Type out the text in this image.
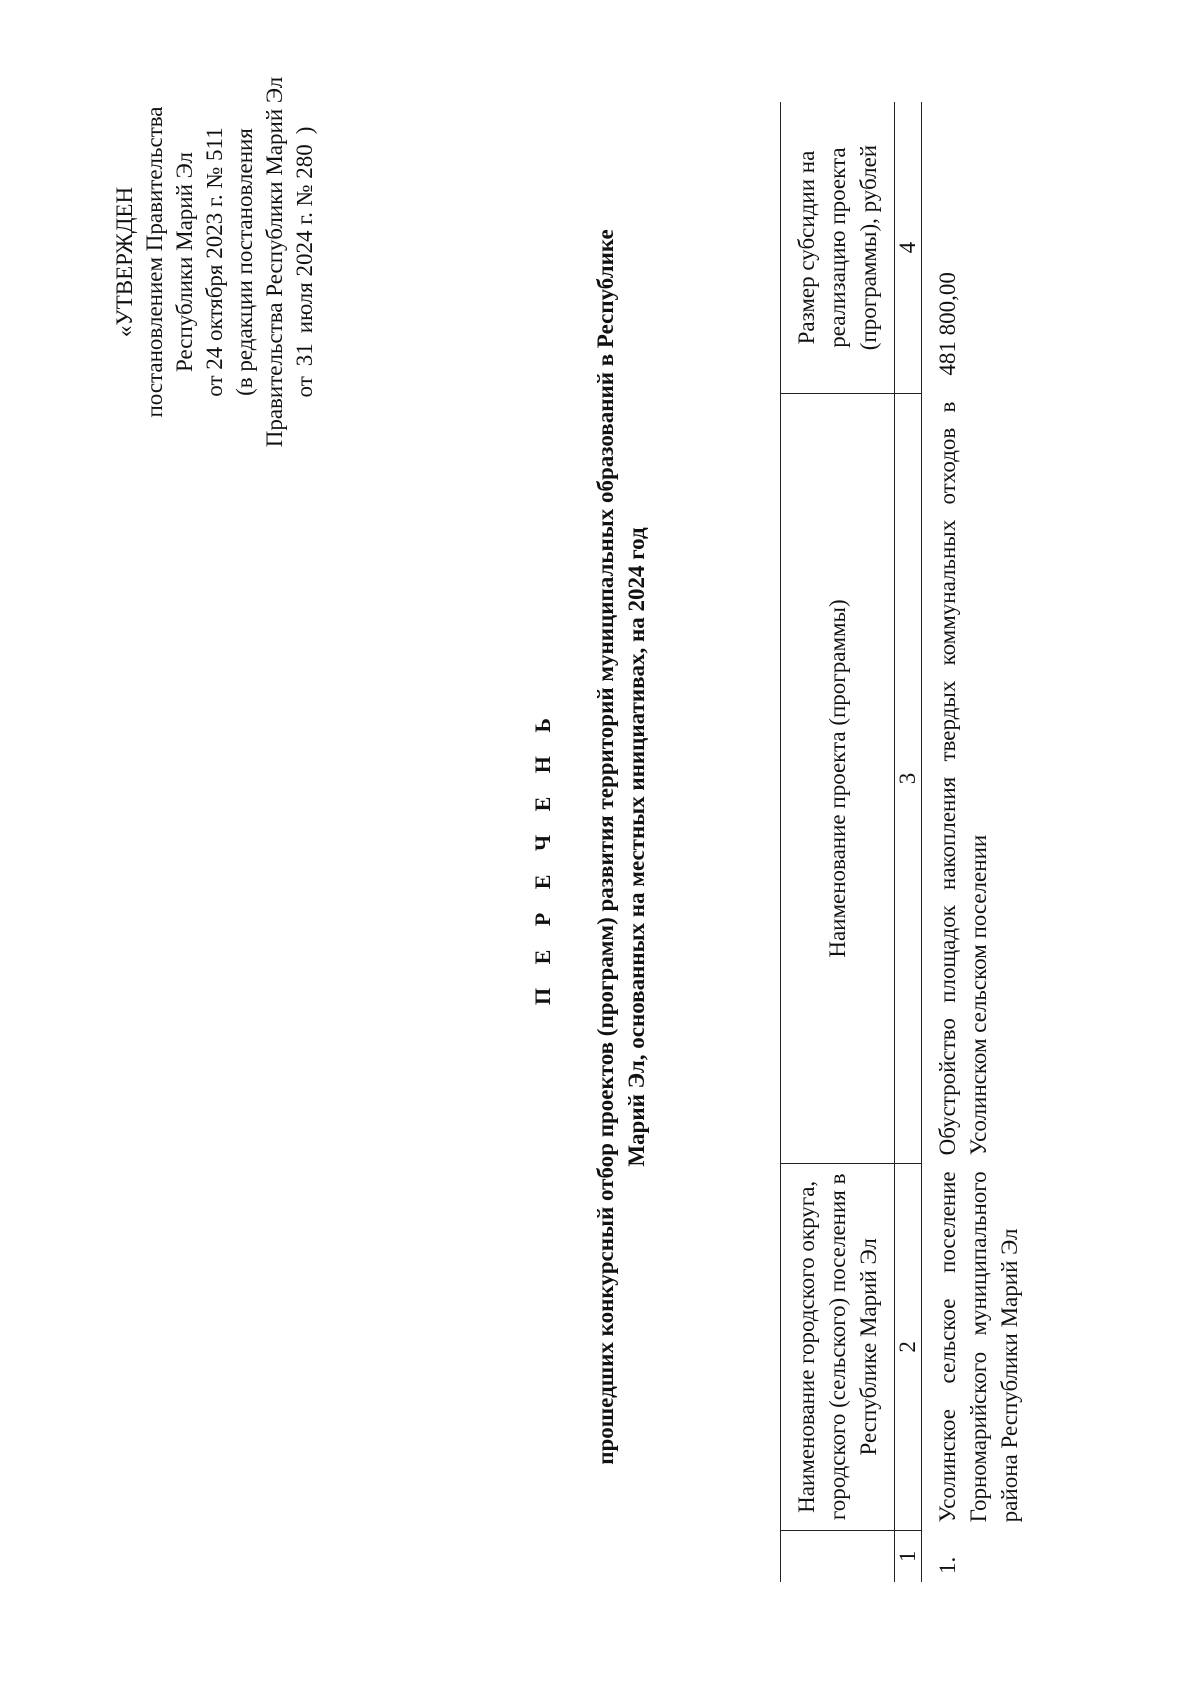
«УТВЕРЖДЕН постановлением Правительства Республики Марий Эл от 24 октября 2023 г. № 511 (в редакции постановления Правительства Республики Марий Эл от
31
июля 2024 г. № 280
)
П Е Р Е Ч Е Н Ь прошедших конкурсный отбор проектов (программ) развития территорий муниципальных образований в Республике Марий Эл, основанных на местных инициативах, на 2024 год
	Наименование городского округа, городского (сельского) поселения в Республике Марий Эл	Наименование проекта (программы)	Размер субсидии на реализацию проекта (программы), рублей
1	2	3	4
1.	Усолинское сельское поселение Горномарийского муниципального района Республики Марий Эл	Обустройство площадок накопления твердых коммунальных отходов в Усолинском сельском поселении	481 800,00
